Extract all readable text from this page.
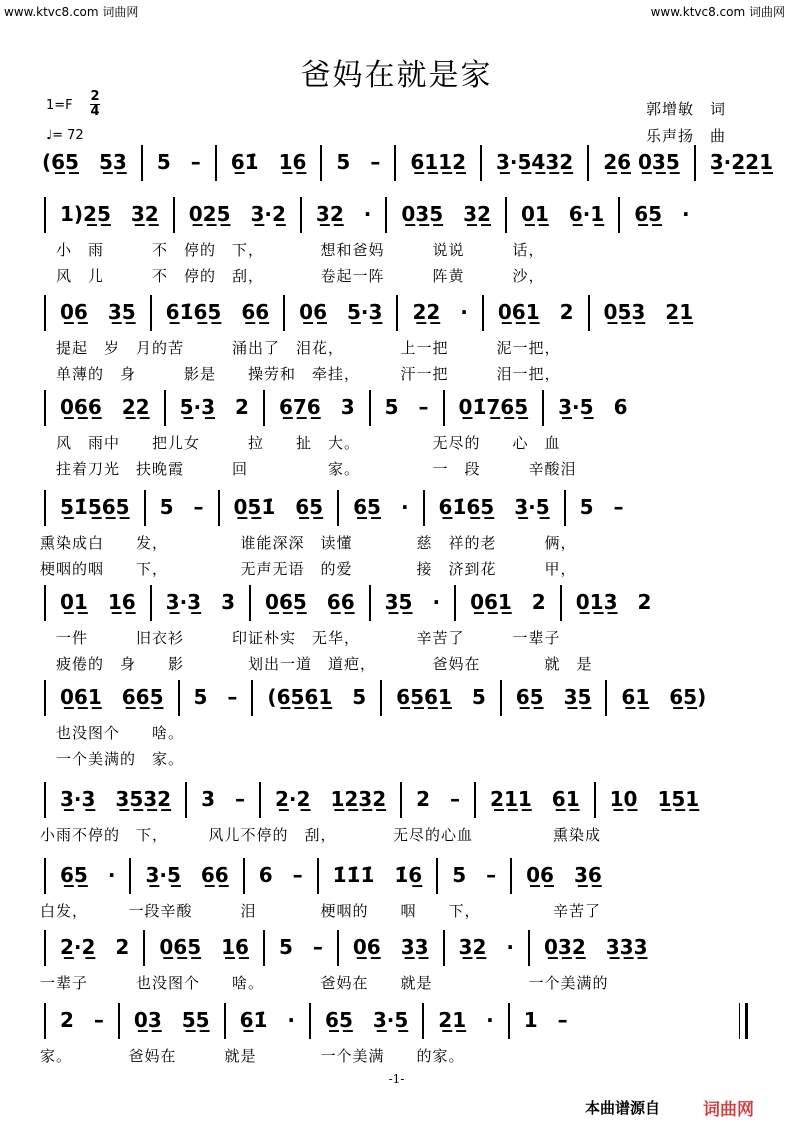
www.ktvc8.com 词曲网	www.ktvc8.com 词曲网
爸妈在就是家
1=F
2
4
♩= 72
郭增敏　词
乐声扬　曲
(6̲5̲　5̲3̲ 5　– 6̲1̇　1̲6̲ 5　– 6̲1̲1̲2̲ 3̲·5̲4̲3̲2̲ 2̲6̲ 0̲3̲5̲ 3̲·2̲2̲1̲
1)2̲5̲　3̲2̲ 0̲2̲5̲　3̲·2̲ 3̲2̲　· 0̲3̲5̲　3̲2̲ 0̲1̲　6̲·1̲ 6̲5̲　·
　小　雨　　　不　停的　下，　　　　想和爸妈　　　说说　　　话，
　风　儿　　　不　停的　刮，　　　　卷起一阵　　　阵黄　　　沙，
0̲6̲　3̲5̲ 6̲1̇6̲5̲　6̲6̲ 0̲6̲　5̲·3̲ 2̲2̲　· 0̲6̲1̲　2 0̲5̲3̲　2̲1̲
　提起　岁　月的苦　　　涌出了　泪花，　　　　上一把　　　泥一把，
　单薄的　身　　　影是　　操劳和　牵挂，　　　汗一把　　　泪一把，
0̲6̲6̲　2̲2̲ 5̲·3̲　2 6̲7̲6̲　3 5　– 0̲1̇7̲6̲5̲ 3̲·5̲　6
　风　雨中　　把儿女　　　拉　　扯　大。　　　　　无尽的　　心　血
　拄着刀光　扶晚霞　　　回　　　　　家。　　　　　一　段　　　辛酸泪
5̲1̇5̲6̲5̲ 5　– 0̲5̲1̇　6̲5̲ 6̲5̲　· 6̲1̇6̲5̲　3̲·5̲ 5　–
熏染成白　　发，　　　　　谁能深深　读懂　　　　慈　祥的老　　　俩，
梗咽的咽　　下，　　　　　无声无语　的爱　　　　接　济到花　　　甲，
0̲1̲　1̲6̲ 3̲·3̲　3 0̲6̲5̲　6̲6̲ 3̲5̲　· 0̲6̲1̲　2 0̲1̲3̲　2
　一件　　　旧衣衫　　　印证朴实　无华，　　　　辛苦了　　　一辈子
　疲倦的　身　　影　　　　划出一道　道疤，　　　　爸妈在　　　　就　是
0̲6̲1̲　6̲6̲5̲ 5　– (6̲5̲6̲1̲　5 6̲5̲6̲1̲　5 6̲5̲　3̲5̲ 6̲1̲　6̲5̲)
　也没图个　　啥。
　一个美满的　家。
3̲·3̲　3̲5̲3̲2̲ 3　– 2̲·2̲　1̲2̲3̲2̲ 2　– 2̲1̲1̲　6̲1̲ 1̲0̲　1̲5̲1̲
小雨不停的　下，　　　风儿不停的　刮，　　　　无尽的心血　　　　　熏染成
6̲5̲　· 3̲·5̲　6̲6̲ 6　– 1̇1̇1̇　1̇6̲ 5　– 0̲6̲　3̲6̲
白发，　　　一段辛酸　　　泪　　　　梗咽的　　咽　　下，　　　　　辛苦了
2̲·2̲　2 0̲6̲5̲　1̲6̲ 5　– 0̲6̲　3̲3̲ 3̲2̲　· 0̲3̲2̲　3̲3̲3̲
一辈子　　　也没图个　　啥。　　　　爸妈在　　就是　　　　　　一个美满的
2　– 0̲3̲　5̲5̲ 6̲1̇　· 6̲5̲　3̲·5̲ 2̲1̲　· 1　–
家。　　　　爸妈在　　　就是　　　　一个美满　　的家。
-1-
本曲谱源自	词曲网
